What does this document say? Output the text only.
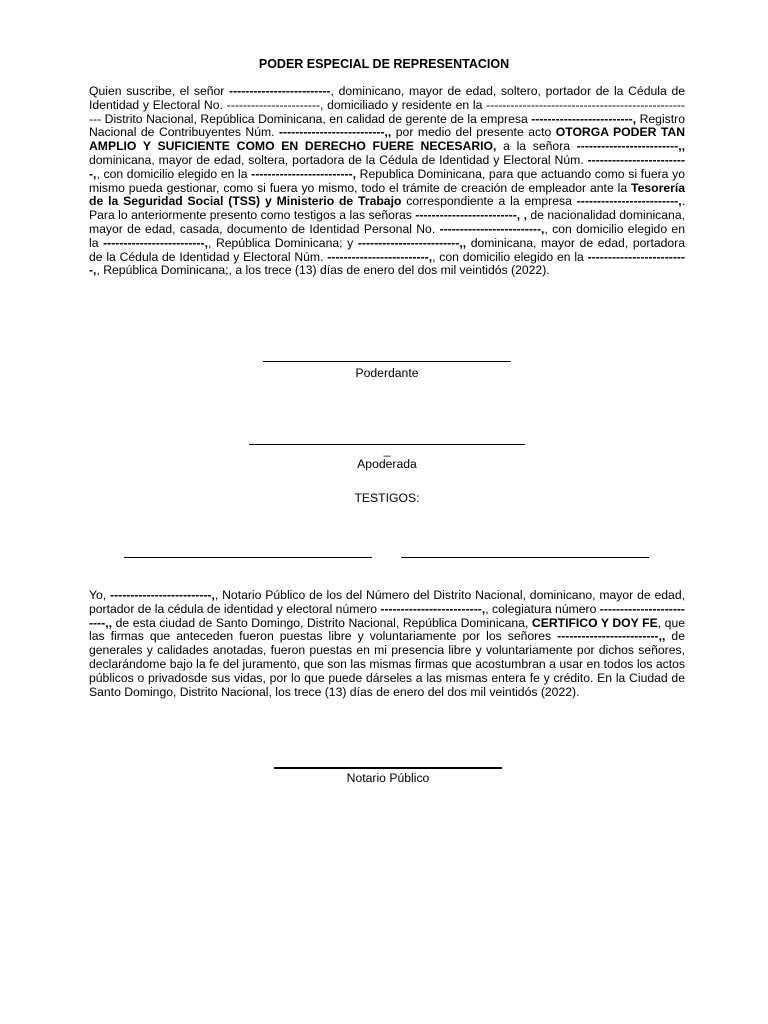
PODER ESPECIAL DE REPRESENTACION
Quien suscribe, el señor -------------------------, dominicano, mayor de edad, soltero, portador de la Cédula de Identidad y Electoral No. -----------------------, domiciliado y residente en la ---------------------------------------------------- Distrito Nacional, República Dominicana, en calidad de gerente de la empresa -------------------------, Registro Nacional de Contribuyentes Núm. --------------------------,, por medio del presente acto OTORGA PODER TAN AMPLIO Y SUFICIENTE COMO EN DERECHO FUERE NECESARIO, a la señora -------------------------,, dominicana, mayor de edad, soltera, portadora de la Cédula de Identidad y Electoral Núm. -------------------------,, con domicilio elegido en la -------------------------, Republica Dominicana, para que actuando como si fuera yo mismo pueda gestionar, como si fuera yo mismo, todo el trámite de creación de empleador ante la Tesorería de la Seguridad Social (TSS) y Ministerio de Trabajo correspondiente a la empresa -------------------------,. Para lo anteriormente presento como testigos a las señoras -------------------------, , de nacionalidad dominicana, mayor de edad, casada, documento de Identidad Personal No. -------------------------,, con domicilio elegido en la -------------------------,, República Dominicana; y -------------------------,, dominicana, mayor de edad, portadora de la Cédula de Identidad y Electoral Núm. -------------------------,, con domicilio elegido en la -------------------------,, República Dominicana;, a los trece (13) días de enero del dos mil veintidós (2022).
Poderdante
_
Apoderada
TESTIGOS:
Yo, -------------------------,, Notario Público de los del Número del Distrito Nacional, dominicano, mayor de edad, portador de la cédula de identidad y electoral número -------------------------,, colegiatura número -------------------------,, de esta ciudad de Santo Domingo, Distrito Nacional, República Dominicana, CERTIFICO Y DOY FE, que las firmas que anteceden fueron puestas libre y voluntariamente por los señores -------------------------,, de generales y calidades anotadas, fueron puestas en mi presencia libre y voluntariamente por dichos señores, declarándome bajo la fe del juramento, que son las mismas firmas que acostumbran a usar en todos los actos públicos o privadosde sus vidas, por lo que puede dárseles a las mismas entera fe y crédito. En la Ciudad de Santo Domingo, Distrito Nacional, los trece (13) días de enero del dos mil veintidós (2022).
Notario Público
